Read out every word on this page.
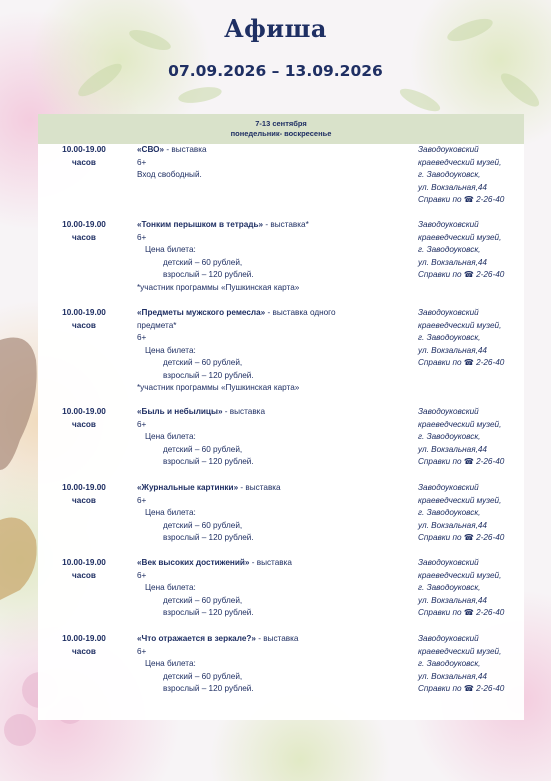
Афиша
07.09.2026 – 13.09.2026
7-13 сентября
понедельник- воскресенье
10.00-19.00
часов
«СВО» - выставка
6+
Вход свободный.
Заводоуковский
краеведческий музей,
г. Заводоуковск,
ул. Вокзальная,44
Справки по ☎ 2-26-40
10.00-19.00
часов
«Тонким перышком в тетрадь» - выставка*
6+
Цена билета:
детский – 60 рублей,
взрослый – 120 рублей.
*участник программы «Пушкинская карта»
Заводоуковский
краеведческий музей,
г. Заводоуковск,
ул. Вокзальная,44
Справки по ☎ 2-26-40
10.00-19.00
часов
«Предметы мужского ремесла» - выставка одного
предмета*
6+
Цена билета:
детский – 60 рублей,
взрослый – 120 рублей.
*участник программы «Пушкинская карта»
Заводоуковский
краеведческий музей,
г. Заводоуковск,
ул. Вокзальная,44
Справки по ☎ 2-26-40
10.00-19.00
часов
«Быль и небылицы» - выставка
6+
Цена билета:
детский – 60 рублей,
взрослый – 120 рублей.
Заводоуковский
краеведческий музей,
г. Заводоуковск,
ул. Вокзальная,44
Справки по ☎ 2-26-40
10.00-19.00
часов
«Журнальные картинки» - выставка
6+
Цена билета:
детский – 60 рублей,
взрослый – 120 рублей.
Заводоуковский
краеведческий музей,
г. Заводоуковск,
ул. Вокзальная,44
Справки по ☎ 2-26-40
10.00-19.00
часов
«Век высоких достижений» - выставка
6+
Цена билета:
детский – 60 рублей,
взрослый – 120 рублей.
Заводоуковский
краеведческий музей,
г. Заводоуковск,
ул. Вокзальная,44
Справки по ☎ 2-26-40
10.00-19.00
часов
«Что отражается в зеркале?» - выставка
6+
Цена билета:
детский – 60 рублей,
взрослый – 120 рублей.
Заводоуковский
краеведческий музей,
г. Заводоуковск,
ул. Вокзальная,44
Справки по ☎ 2-26-40
